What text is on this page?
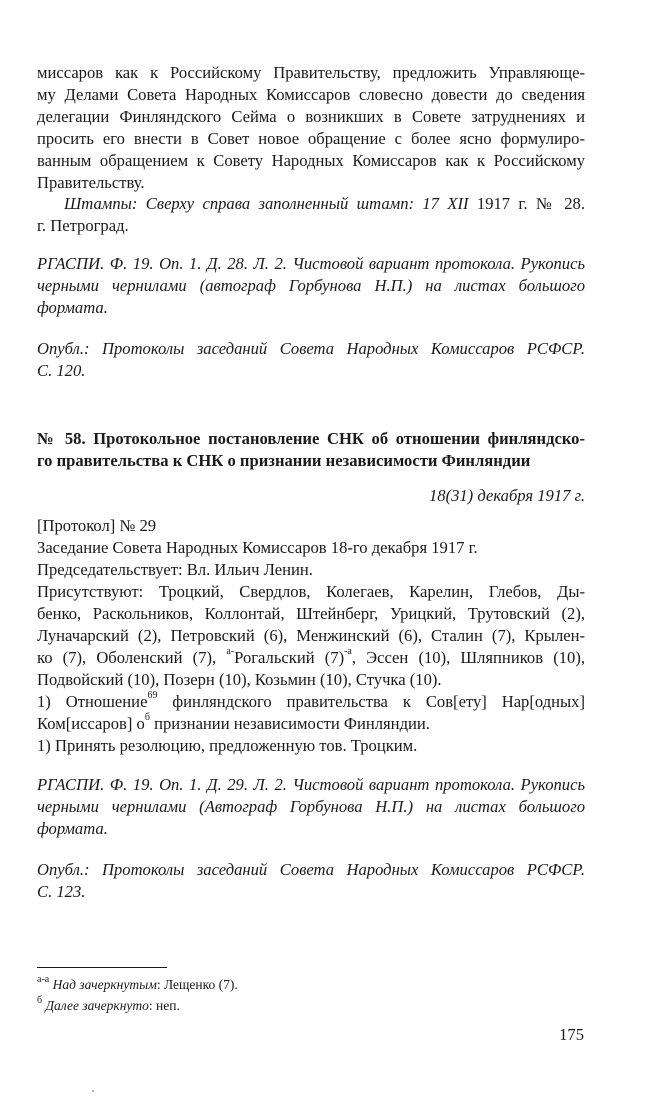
миссаров как к Российскому Правительству, предложить Управляюще-
му Делами Совета Народных Комиссаров словесно довести до сведения
делегации Финляндского Сейма о возникших в Совете затруднениях и
просить его внести в Совет новое обращение с более ясно формулиро-
ванным обращением к Совету Народных Комиссаров как к Российскому
Правительству.
Штампы: Сверху справа заполненный штамп: 17 XII 1917 г. № 28.
г. Петроград.
РГАСПИ. Ф. 19. Оп. 1. Д. 28. Л. 2. Чистовой вариант протокола. Рукопись
черными чернилами (автограф Горбунова Н.П.) на листах большого
формата.
Опубл.: Протоколы заседаний Совета Народных Комиссаров РСФСР.
С. 120.
№ 58. Протокольное постановление СНК об отношении финляндско-
го правительства к СНК о признании независимости Финляндии
18(31) декабря 1917 г.
[Протокол] № 29
Заседание Совета Народных Комиссаров 18-го декабря 1917 г.
Председательствует: Вл. Ильич Ленин.
Присутствуют: Троцкий, Свердлов, Колегаев, Карелин, Глебов, Ды-
бенко, Раскольников, Коллонтай, Штейнберг, Урицкий, Трутовский (2),
Луначарский (2), Петровский (6), Менжинский (6), Сталин (7), Крылен-
ко (7), Оболенский (7), $^{а-}$Рогальский $(7)^{-а}$, Эссен (10), Шляпников (10),
Подвойский (10), Позерн (10), Козьмин (10), Стучка (10).
1) Отношение$^{69}$ финляндского правительства к Сов[ету] Нар[одных]
Ком[иссаров] $о^б$ признании независимости Финляндии.
1) Принять резолюцию, предложенную тов. Троцким.
РГАСПИ. Ф. 19. Оп. 1. Д. 29. Л. 2. Чистовой вариант протокола. Рукопись
черными чернилами (Автограф Горбунова Н.П.) на листах большого
формата.
Опубл.: Протоколы заседаний Совета Народных Комиссаров РСФСР.
С. 123.
$^{а-а}$ Над зачеркнутым: Лещенко (7).
$^б$ Далее зачеркнуто: неп.
175
